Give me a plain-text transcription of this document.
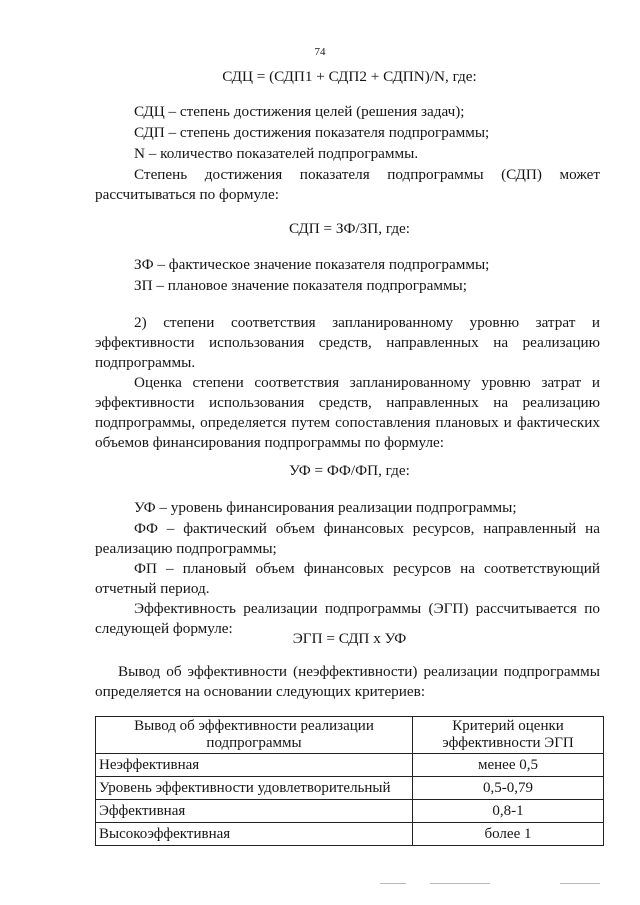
74
СДЦ = (СДП1 + СДП2 + СДПN)/N, где:
СДЦ – степень достижения целей (решения задач);
СДП – степень достижения показателя подпрограммы;
N – количество показателей подпрограммы.
Степень достижения показателя подпрограммы (СДП) может
рассчитываться по формуле:
СДП = ЗФ/ЗП, где:
ЗФ – фактическое значение показателя подпрограммы;
ЗП – плановое значение показателя подпрограммы;
2) степени соответствия запланированному уровню затрат и
эффективности использования средств, направленных на реализацию
подпрограммы.
Оценка степени соответствия запланированному уровню затрат и
эффективности использования средств, направленных на реализацию
подпрограммы, определяется путем сопоставления плановых и фактических
объемов финансирования подпрограммы по формуле:
УФ = ФФ/ФП, где:
УФ – уровень финансирования реализации подпрограммы;
ФФ – фактический объем финансовых ресурсов, направленный на
реализацию подпрограммы;
ФП – плановый объем финансовых ресурсов на соответствующий
отчетный период.
Эффективность реализации подпрограммы (ЭГП) рассчитывается по
следующей формуле:
ЭГП = СДП х УФ
Вывод об эффективности (неэффективности) реализации подпрограммы
определяется на основании следующих критериев:
Вывод об эффективности реализации подпрограммы	Критерий оценки эффективности ЭГП
Неэффективная	менее 0,5
Уровень эффективности удовлетворительный	0,5-0,79
Эффективная	0,8-1
Высокоэффективная	более 1
